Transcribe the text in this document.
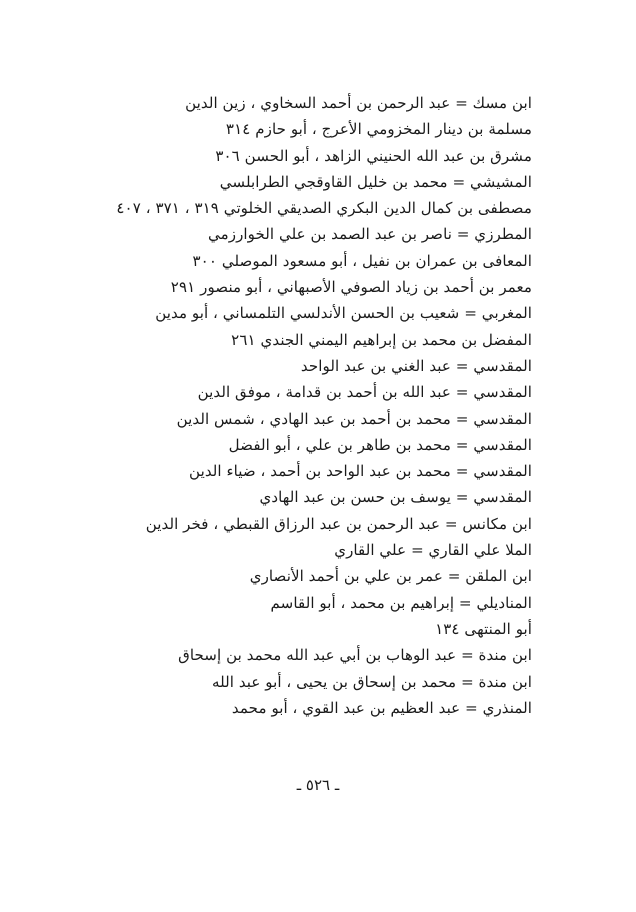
ابن مسك = عبد الرحمن بن أحمد السخاوي ، زين الدين
مسلمة بن دينار المخزومي الأعرج ، أبو حازم ٣١٤
مشرق بن عبد الله الحنيني الزاهد ، أبو الحسن ٣٠٦
المشيشي = محمد بن خليل القاوقجي الطرابلسي
مصطفى بن كمال الدين البكري الصديقي الخلوتي ٣١٩ ، ٣٧١ ، ٤٠٧
المطرزي = ناصر بن عبد الصمد بن علي الخوارزمي
المعافى بن عمران بن نفيل ، أبو مسعود الموصلي ٣٠٠
معمر بن أحمد بن زياد الصوفي الأصبهاني ، أبو منصور ٢٩١
المغربي = شعيب بن الحسن الأندلسي التلمساني ، أبو مدين
المفضل بن محمد بن إبراهيم اليمني الجندي ٢٦١
المقدسي = عبد الغني بن عبد الواحد
المقدسي = عبد الله بن أحمد بن قدامة ، موفق الدين
المقدسي = محمد بن أحمد بن عبد الهادي ، شمس الدين
المقدسي = محمد بن طاهر بن علي ، أبو الفضل
المقدسي = محمد بن عبد الواحد بن أحمد ، ضياء الدين
المقدسي = يوسف بن حسن بن عبد الهادي
ابن مكانس = عبد الرحمن بن عبد الرزاق القبطي ، فخر الدين
الملا علي القاري = علي القاري
ابن الملقن = عمر بن علي بن أحمد الأنصاري
المناديلي = إبراهيم بن محمد ، أبو القاسم
أبو المنتهى ١٣٤
ابن مندة = عبد الوهاب بن أبي عبد الله محمد بن إسحاق
ابن مندة = محمد بن إسحاق بن يحيى ، أبو عبد الله
المنذري = عبد العظيم بن عبد القوي ، أبو محمد
ـ ٥٢٦ ـ
